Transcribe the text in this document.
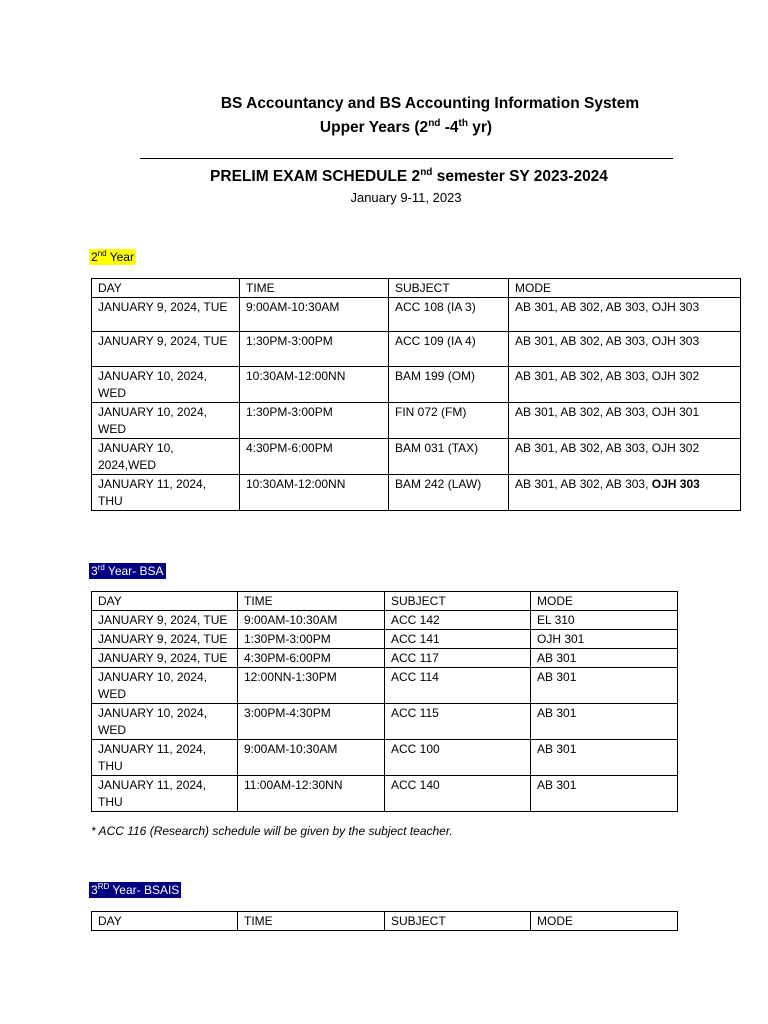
BS Accountancy and BS Accounting Information System
Upper Years (2nd -4th yr)
PRELIM EXAM SCHEDULE 2nd semester SY 2023-2024
January 9-11, 2023
2nd Year
DAY	TIME	SUBJECT	MODE
JANUARY 9, 2024, TUE	9:00AM-10:30AM	ACC 108 (IA 3)	AB 301, AB 302, AB 303, OJH 303
JANUARY 9, 2024, TUE	1:30PM-3:00PM	ACC 109 (IA 4)	AB 301, AB 302, AB 303, OJH 303
JANUARY 10, 2024, WED	10:30AM-12:00NN	BAM 199 (OM)	AB 301, AB 302, AB 303, OJH 302
JANUARY 10, 2024, WED	1:30PM-3:00PM	FIN 072 (FM)	AB 301, AB 302, AB 303, OJH 301
JANUARY 10, 2024,WED	4:30PM-6:00PM	BAM 031 (TAX)	AB 301, AB 302, AB 303, OJH 302
JANUARY 11, 2024, THU	10:30AM-12:00NN	BAM 242 (LAW)	AB 301, AB 302, AB 303, OJH 303
3rd Year- BSA
DAY	TIME	SUBJECT	MODE
JANUARY 9, 2024, TUE	9:00AM-10:30AM	ACC 142	EL 310
JANUARY 9, 2024, TUE	1:30PM-3:00PM	ACC 141	OJH 301
JANUARY 9, 2024, TUE	4:30PM-6:00PM	ACC 117	AB 301
JANUARY 10, 2024, WED	12:00NN-1:30PM	ACC 114	AB 301
JANUARY 10, 2024, WED	3:00PM-4:30PM	ACC 115	AB 301
JANUARY 11, 2024, THU	9:00AM-10:30AM	ACC 100	AB 301
JANUARY 11, 2024, THU	11:00AM-12:30NN	ACC 140	AB 301
* ACC 116 (Research) schedule will be given by the subject teacher.
3RD Year- BSAIS
DAY	TIME	SUBJECT	MODE
